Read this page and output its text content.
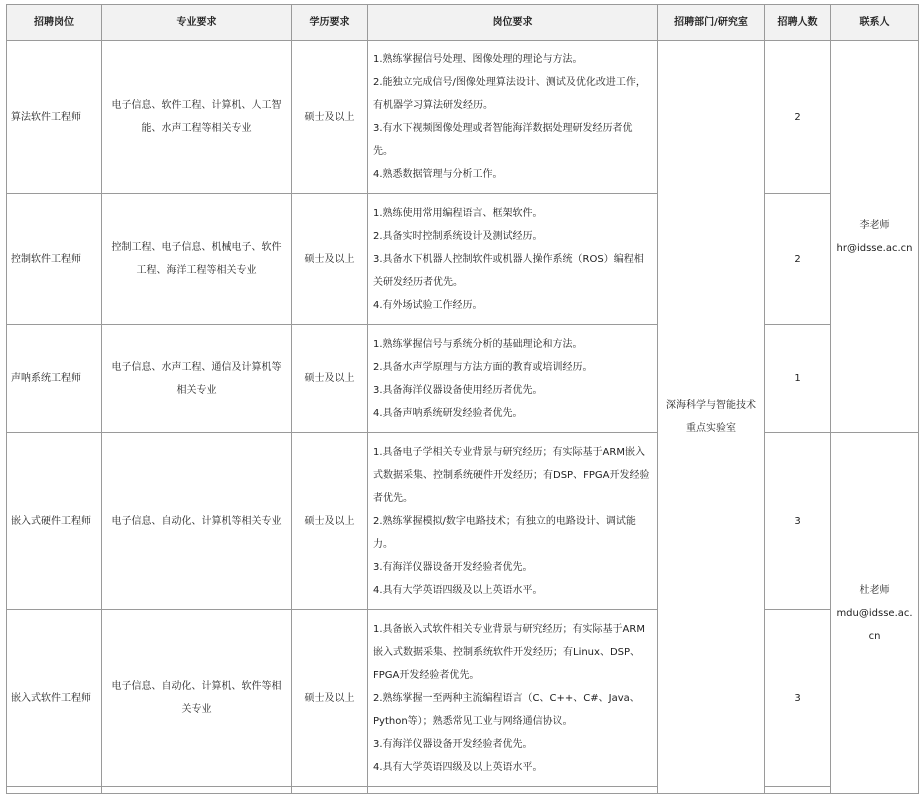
招聘岗位	专业要求	学历要求	岗位要求	招聘部门/研究室	招聘人数	联系人
算法软件工程师	电子信息、软件工程、计算机、人工智能、水声工程等相关专业	硕士及以上	1.熟练掌握信号处理、图像处理的理论与方法。
2.能独立完成信号/图像处理算法设计、测试及优化改进工作，有机器学习算法研发经历。
3.有水下视频图像处理或者智能海洋数据处理研发经历者优先。
4.熟悉数据管理与分析工作。	深海科学与智能技术重点实验室	2	李老师
hr@idsse.ac.cn

控制软件工程师	控制工程、电子信息、机械电子、软件工程、海洋工程等相关专业	硕士及以上	1.熟练使用常用编程语言、框架软件。
2.具备实时控制系统设计及测试经历。
3.具备水下机器人控制软件或机器人操作系统（ROS）编程相关研发经历者优先。
4.有外场试验工作经历。		2	
声呐系统工程师	电子信息、水声工程、通信及计算机等相关专业	硕士及以上	1.熟练掌握信号与系统分析的基础理论和方法。
2.具备水声学原理与方法方面的教育或培训经历。
3.具备海洋仪器设备使用经历者优先。
4.具备声呐系统研发经验者优先。		1	
嵌入式硬件工程师	电子信息、自动化、计算机等相关专业	硕士及以上	1.具备电子学相关专业背景与研究经历；有实际基于ARM嵌入式数据采集、控制系统硬件开发经历；有DSP、FPGA开发经验者优先。
2.熟练掌握模拟/数字电路技术；有独立的电路设计、调试能力。
3.有海洋仪器设备开发经验者优先。
4.具有大学英语四级及以上英语水平。		3	杜老师
mdu@idsse.ac.cn

嵌入式软件工程师	电子信息、自动化、计算机、软件等相关专业	硕士及以上	1.具备嵌入式软件相关专业背景与研究经历；有实际基于ARM嵌入式数据采集、控制系统软件开发经历；有Linux、DSP、FPGA开发经验者优先。
2.熟练掌握一至两种主流编程语言（C、C++、C#、Java、Python等）；熟悉常见工业与网络通信协议。
3.有海洋仪器设备开发经验者优先。
4.具有大学英语四级及以上英语水平。		3	
